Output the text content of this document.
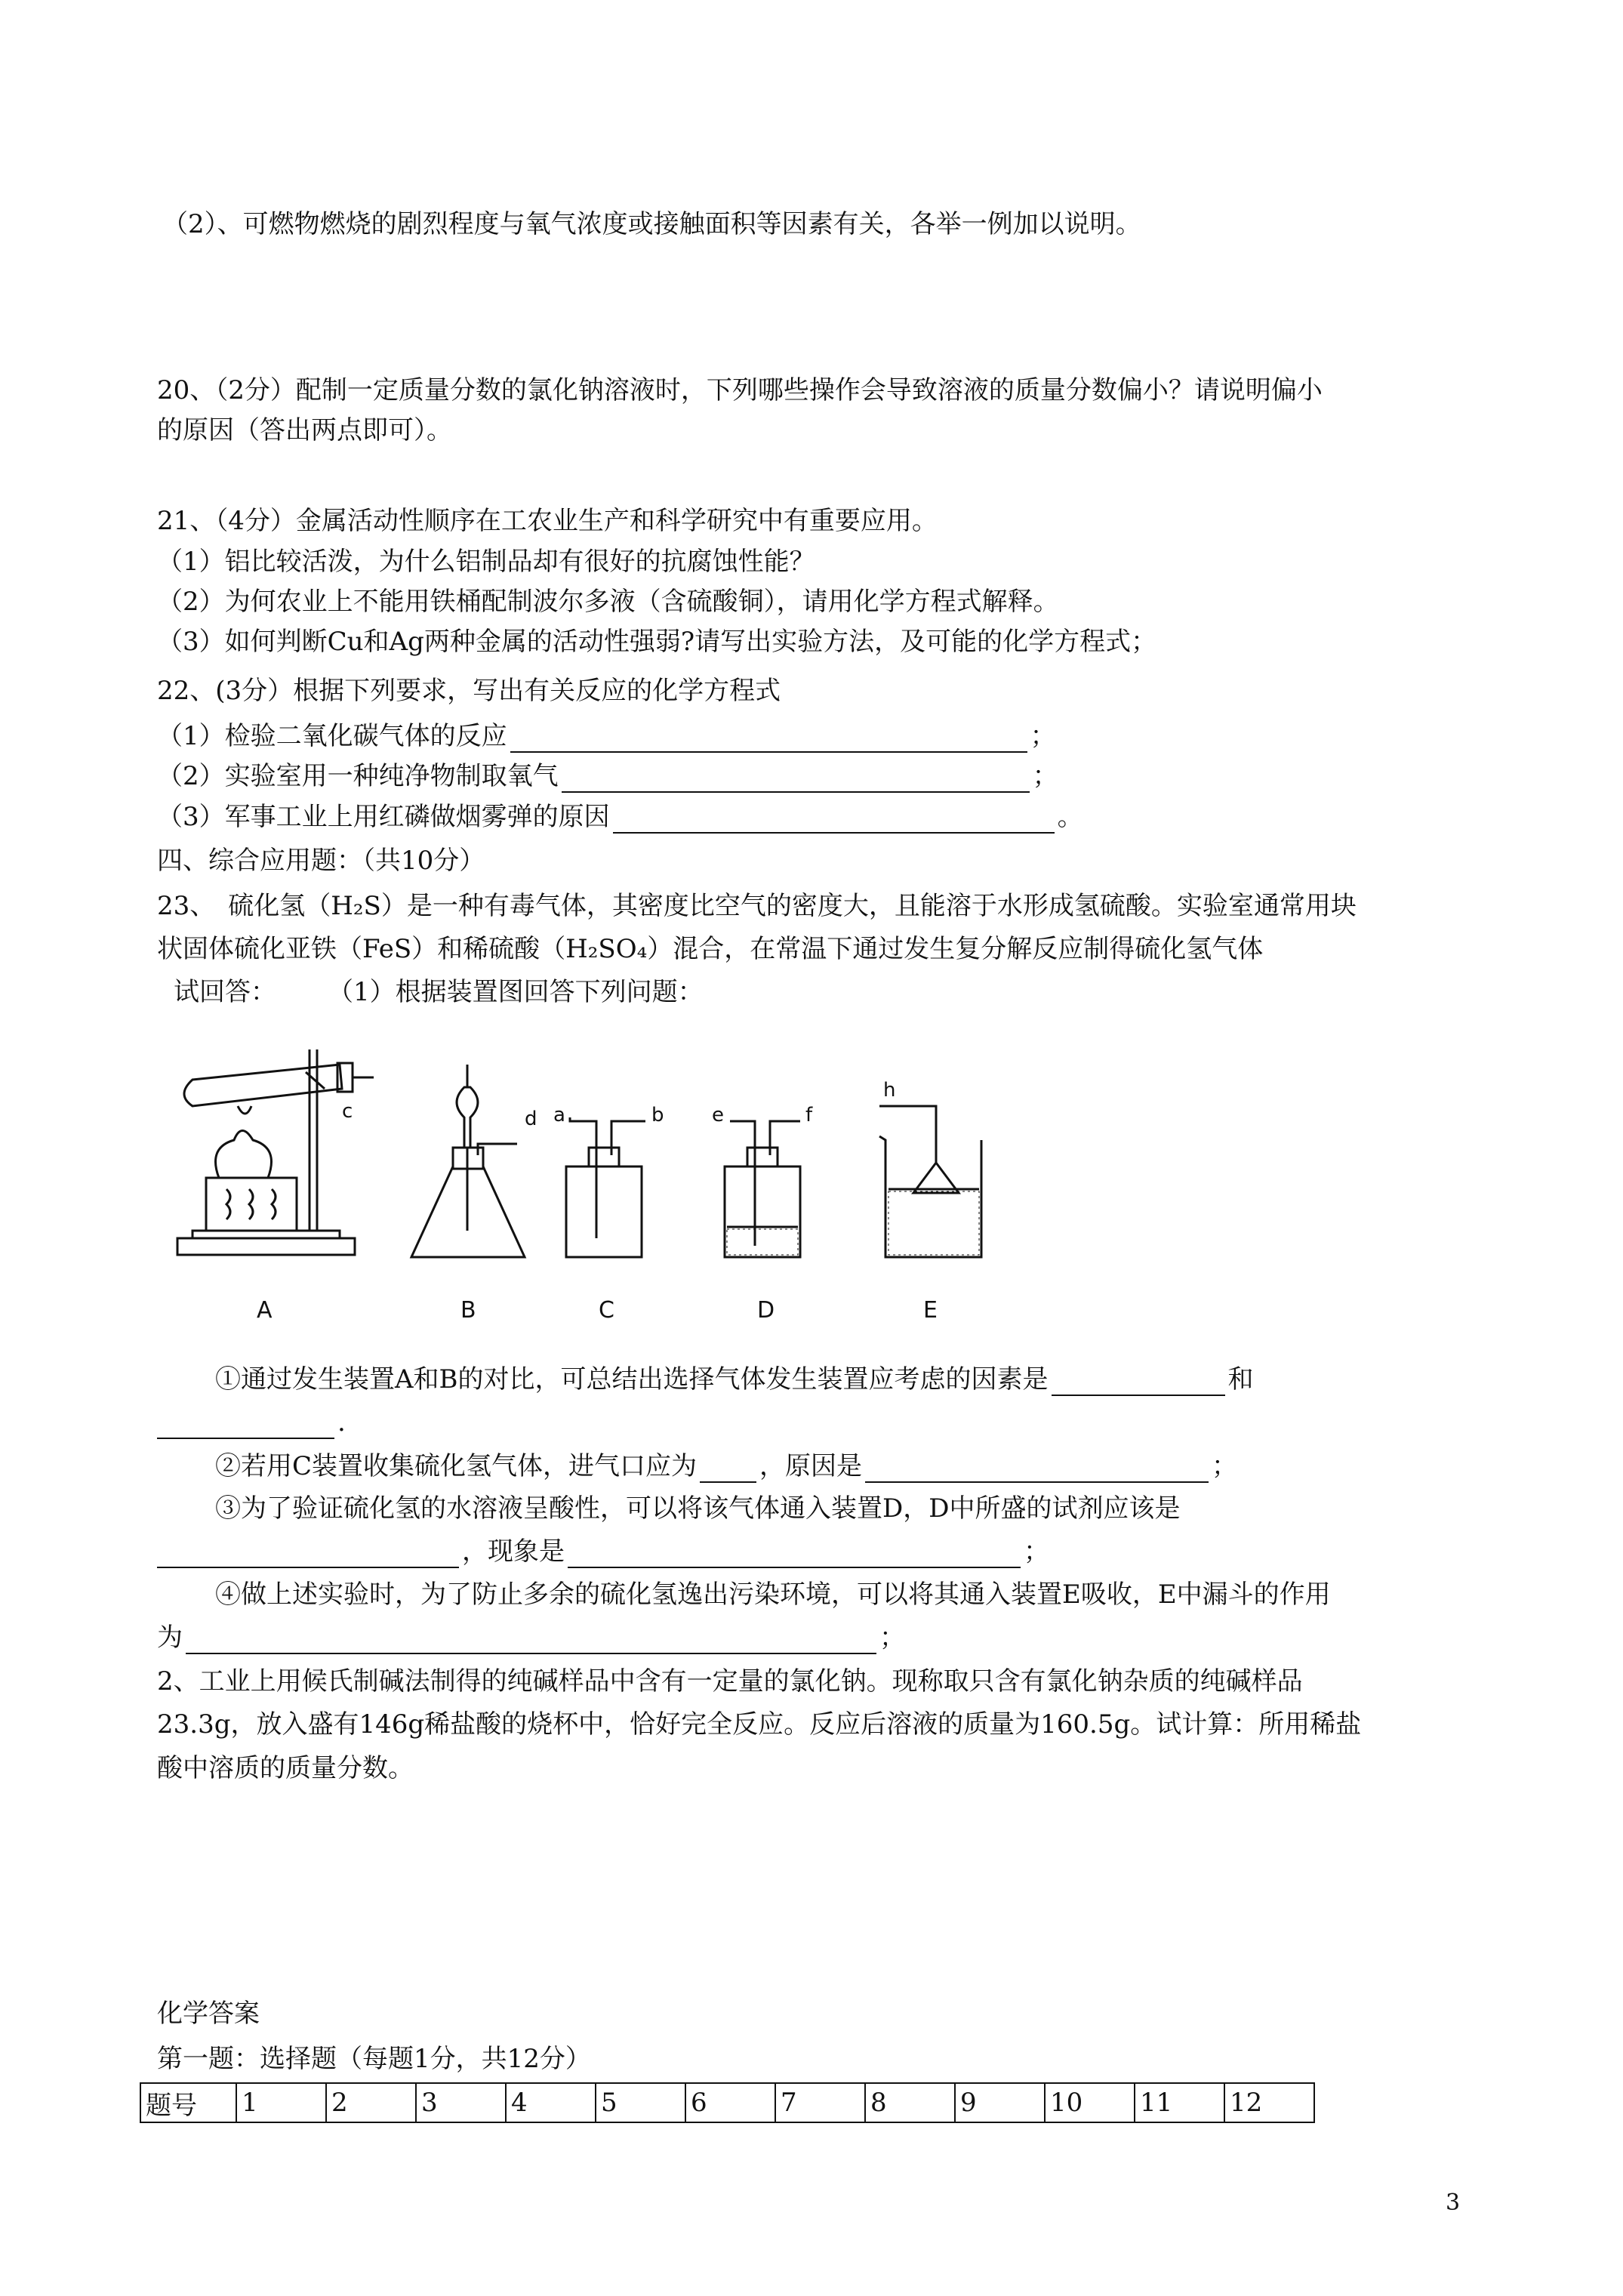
（2）、可燃物燃烧的剧烈程度与氧气浓度或接触面积等因素有关，各举一例加以说明。
20、（2分）配制一定质量分数的氯化钠溶液时，下列哪些操作会导致溶液的质量分数偏小？请说明偏小
的原因（答出两点即可）。
21、（4分）金属活动性顺序在工农业生产和科学研究中有重要应用。
（1）铝比较活泼，为什么铝制品却有很好的抗腐蚀性能？
（2）为何农业上不能用铁桶配制波尔多液（含硫酸铜），请用化学方程式解释。
（3）如何判断Cu和Ag两种金属的活动性强弱?请写出实验方法，及可能的化学方程式；
22、(3分）根据下列要求，写出有关反应的化学方程式
（1）检验二氧化碳气体的反应	；
（2）实验室用一种纯净物制取氧气	；
（3）军事工业上用红磷做烟雾弹的原因	。
四、综合应用题：（共10分）
23、　硫化氢（H₂S）是一种有毒气体，其密度比空气的密度大，且能溶于水形成氢硫酸。实验室通常用块
状固体硫化亚铁（FeS）和稀硫酸（H₂SO₄）混合，在常温下通过发生复分解反应制得硫化氢气体
试回答：　　　（1）根据装置图回答下列问题：
c	d a	b e	f
h
A	B	C	D	E
①通过发生装置A和B的对比，可总结出选择气体发生装置应考虑的因素是	和
.
②若用C装置收集硫化氢气体，进气口应为 ，原因是	；
③为了验证硫化氢的水溶液呈酸性，可以将该气体通入装置D，D中所盛的试剂应该是
，现象是	；
④做上述实验时，为了防止多余的硫化氢逸出污染环境，可以将其通入装置E吸收，E中漏斗的作用
为	；
2、工业上用候氏制碱法制得的纯碱样品中含有一定量的氯化钠。现称取只含有氯化钠杂质的纯碱样品
23.3g，放入盛有146g稀盐酸的烧杯中，恰好完全反应。反应后溶液的质量为160.5g。试计算：所用稀盐
酸中溶质的质量分数。
化学答案
第一题：选择题（每题1分，共12分）
题号	1	2	3	4	5	6	7	8	9	10	11	12
3
